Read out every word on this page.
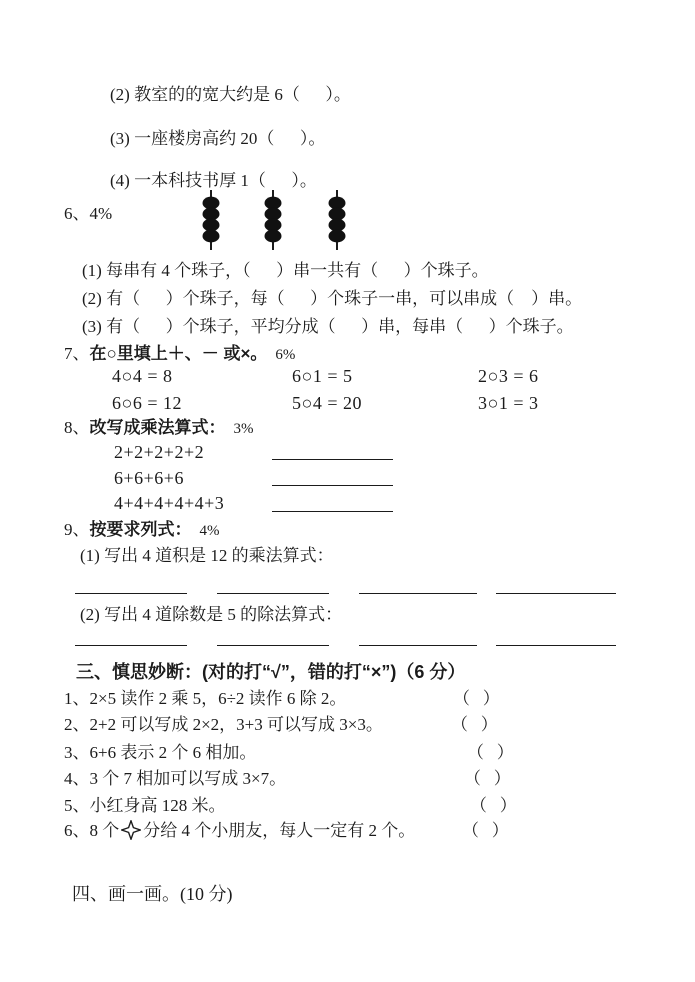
(2) 教室的的宽大约是 6（      ）。
(3) 一座楼房高约 20（      ）。
(4) 一本科技书厚 1（      ）。
6、4%
(1) 每串有 4 个珠子，（      ）串一共有（      ）个珠子。
(2) 有（      ）个珠子，每（      ）个珠子一串，可以串成（    ）串。
(3) 有（      ）个珠子，平均分成（      ）串，每串（      ）个珠子。
7、在○里填上＋、－ 或×。 6%
4○4 = 8	6○1 = 5	2○3 = 6
6○6 = 12	5○4 = 20	3○1 = 3
8、改写成乘法算式： 3%
2+2+2+2+2
6+6+6+6
4+4+4+4+4+3
9、按要求列式： 4%
(1) 写出 4 道积是 12 的乘法算式：
(2) 写出 4 道除数是 5 的除法算式：
三、慎思妙断：(对的打“√”，错的打“×”)（6 分）
1、2×5 读作 2 乘 5，6÷2 读作 6 除 2。	（   ）
2、2+2 可以写成 2×2，3+3 可以写成 3×3。	（   ）
3、6+6 表示 2 个 6 相加。	（   ）
4、3 个 7 相加可以写成 3×7。	（   ）
5、小红身高 128 米。	（   ）
6、8 个 分给 4 个小朋友，每人一定有 2 个。	（   ）
四、画一画。(10 分)
